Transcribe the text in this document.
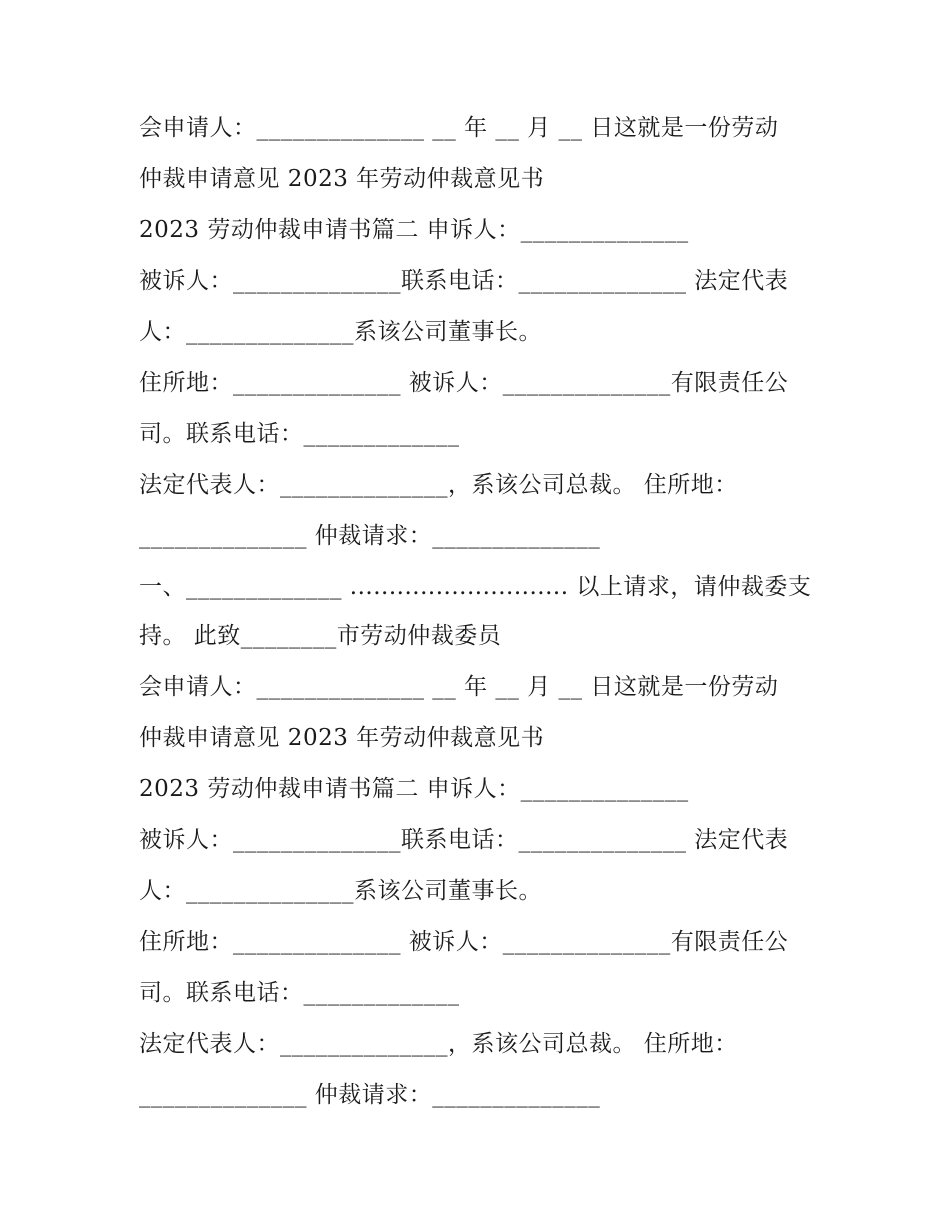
会申请人：______________ __ 年 __ 月 __ 日这就是一份劳动
仲裁申请意见 2023 年劳动仲裁意见书
2023 劳动仲裁申请书篇二 申诉人：______________
被诉人：______________联系电话：______________ 法定代表
人：______________系该公司董事长。
住所地：______________ 被诉人：______________有限责任公
司。联系电话：_____________
法定代表人：______________，系该公司总裁。 住所地：
______________ 仲裁请求：______________
一、_____________ ............................ 以上请求，请仲裁委支
持。 此致________市劳动仲裁委员
会申请人：______________ __ 年 __ 月 __ 日这就是一份劳动
仲裁申请意见 2023 年劳动仲裁意见书
2023 劳动仲裁申请书篇二 申诉人：______________
被诉人：______________联系电话：______________ 法定代表
人：______________系该公司董事长。
住所地：______________ 被诉人：______________有限责任公
司。联系电话：_____________
法定代表人：______________，系该公司总裁。 住所地：
______________ 仲裁请求：______________
